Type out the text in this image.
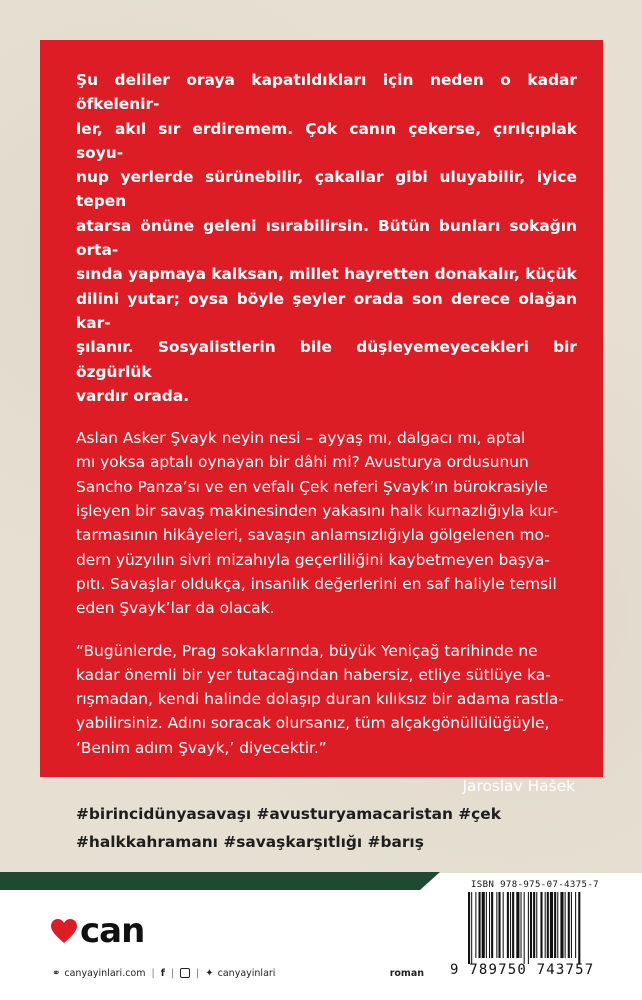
Şu deliler oraya kapatıldıkları için neden o kadar öfkelenir-
ler, akıl sır erdiremem. Çok canın çekerse, çırılçıplak soyu-
nup yerlerde sürünebilir, çakallar gibi uluyabilir, iyice tepen
atarsa önüne geleni ısırabilirsin. Bütün bunları sokağın orta-
sında yapmaya kalksan, millet hayretten donakalır, küçük
dilini yutar; oysa böyle şeyler orada son derece olağan kar-
şılanır. Sosyalistlerin bile düşleyemeyecekleri bir özgürlük
vardır orada.

Aslan Asker Şvayk neyin nesi – ayyaş mı, dalgacı mı, aptal
mı yoksa aptalı oynayan bir dâhi mi? Avusturya ordusunun
Sancho Panza’sı ve en vefalı Çek neferi Şvayk’ın bürokrasiyle
işleyen bir savaş makinesinden yakasını halk kurnazlığıyla kur-
tarmasının hikâyeleri, savaşın anlamsızlığıyla gölgelenen mo-
dern yüzyılın sivri mizahıyla geçerliliğini kaybetmeyen başya-
pıtı. Savaşlar oldukça, insanlık değerlerini en saf haliyle temsil
eden Şvayk’lar da olacak.

“Bugünlerde, Prag sokaklarında, büyük Yeniçağ tarihinde ne
kadar önemli bir yer tutacağından habersiz, etliye sütlüye ka-
rışmadan, kendi halinde dolaşıp duran kılıksız bir adama rastla-
yabilirsiniz. Adını soracak olursanız, tüm alçakgönüllülüğüyle,
‘Benim adım Şvayk,’ diyecektir.”

Jaroslav Hašek
#birincidünyasavaşı #avusturyamacaristan #çek
#halkkahramanı #savaşkarşıtlığı #barış
can
⚭ canyayinlari.com | f | | ✦ canyayinlari	roman
ISBN 978-975-07-4375-7
9 789750 743757
